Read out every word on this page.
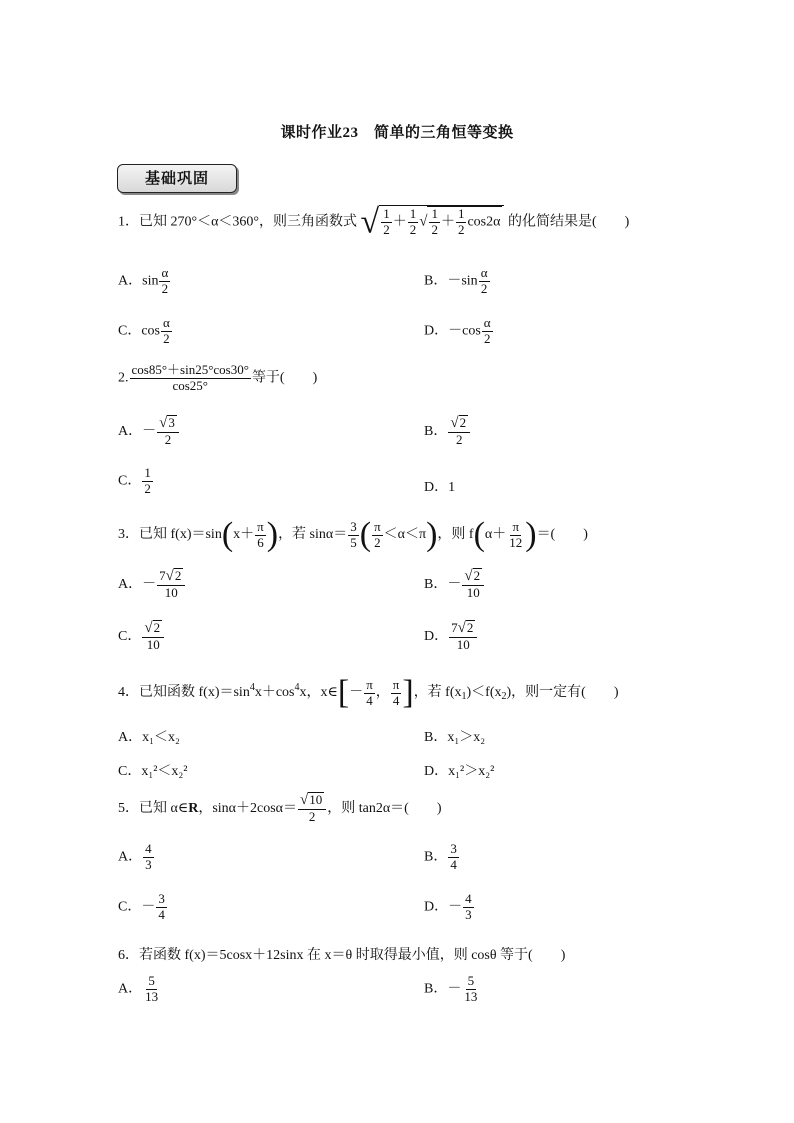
课时作业23　简单的三角恒等变换
基础巩固
1．已知 270°＜α＜360°，则三角函数式 √ $\frac{1}{2} + \frac{1}{2}$ √ $\frac{1}{2} + \frac{1}{2} \cos 2\alpha$ 的化简结果是(　　)
A．$\sin \frac{\alpha}{2}$	B．$-\sin \frac{\alpha}{2}$
C．$\cos \frac{\alpha}{2}$	D．$-\cos \frac{\alpha}{2}$
2. $\frac{\cos 85^\circ+\sin 25^\circ\cos 30^\circ}{\cos 25^\circ}$ 等于(　　)
A．－ $\frac{√3}{2}$	B． $\frac{√2}{2}$
C． $\frac{1}{2}$	D．1
3．已知 $f(x)=\sin(x+ \frac{\pi}{6}$ )，若 $\sin\alpha= \frac{3}{5}$ ( $\frac{\pi}{2} <\alpha<\pi$)，则 $f(\alpha+ \frac{\pi}{12}$ )＝(　　)
A．－ $\frac{7√2}{10}$	B．－ $\frac{√2}{10}$
C． $\frac{√2}{10}$	D． $\frac{7√2}{10}$
4．已知函数 $f(x)=\sin^4x+\cos^4x$，x∈[－ $\frac{\pi}{4}$ ， $\frac{\pi}{4}$ ]，若 $f(x_1)<f(x_2)$，则一定有(　　)
A．x₁＜x₂	B．x₁＞x₂
C．x₁²＜x₂²	D．x₁²＞x₂²
5．已知 α∈R，$\sin\alpha+2\cos\alpha= \frac{√10}{2}$ ，则 tan2α＝(　　)
A． $\frac{4}{3}$	B． $\frac{3}{4}$
C．－ $\frac{3}{4}$	D．－ $\frac{4}{3}$
6．若函数 f(x)＝5cosx＋12sinx 在 x＝θ 时取得最小值，则 cosθ 等于(　　)
A． $\frac{5}{13}$	B．－ $\frac{5}{13}$
